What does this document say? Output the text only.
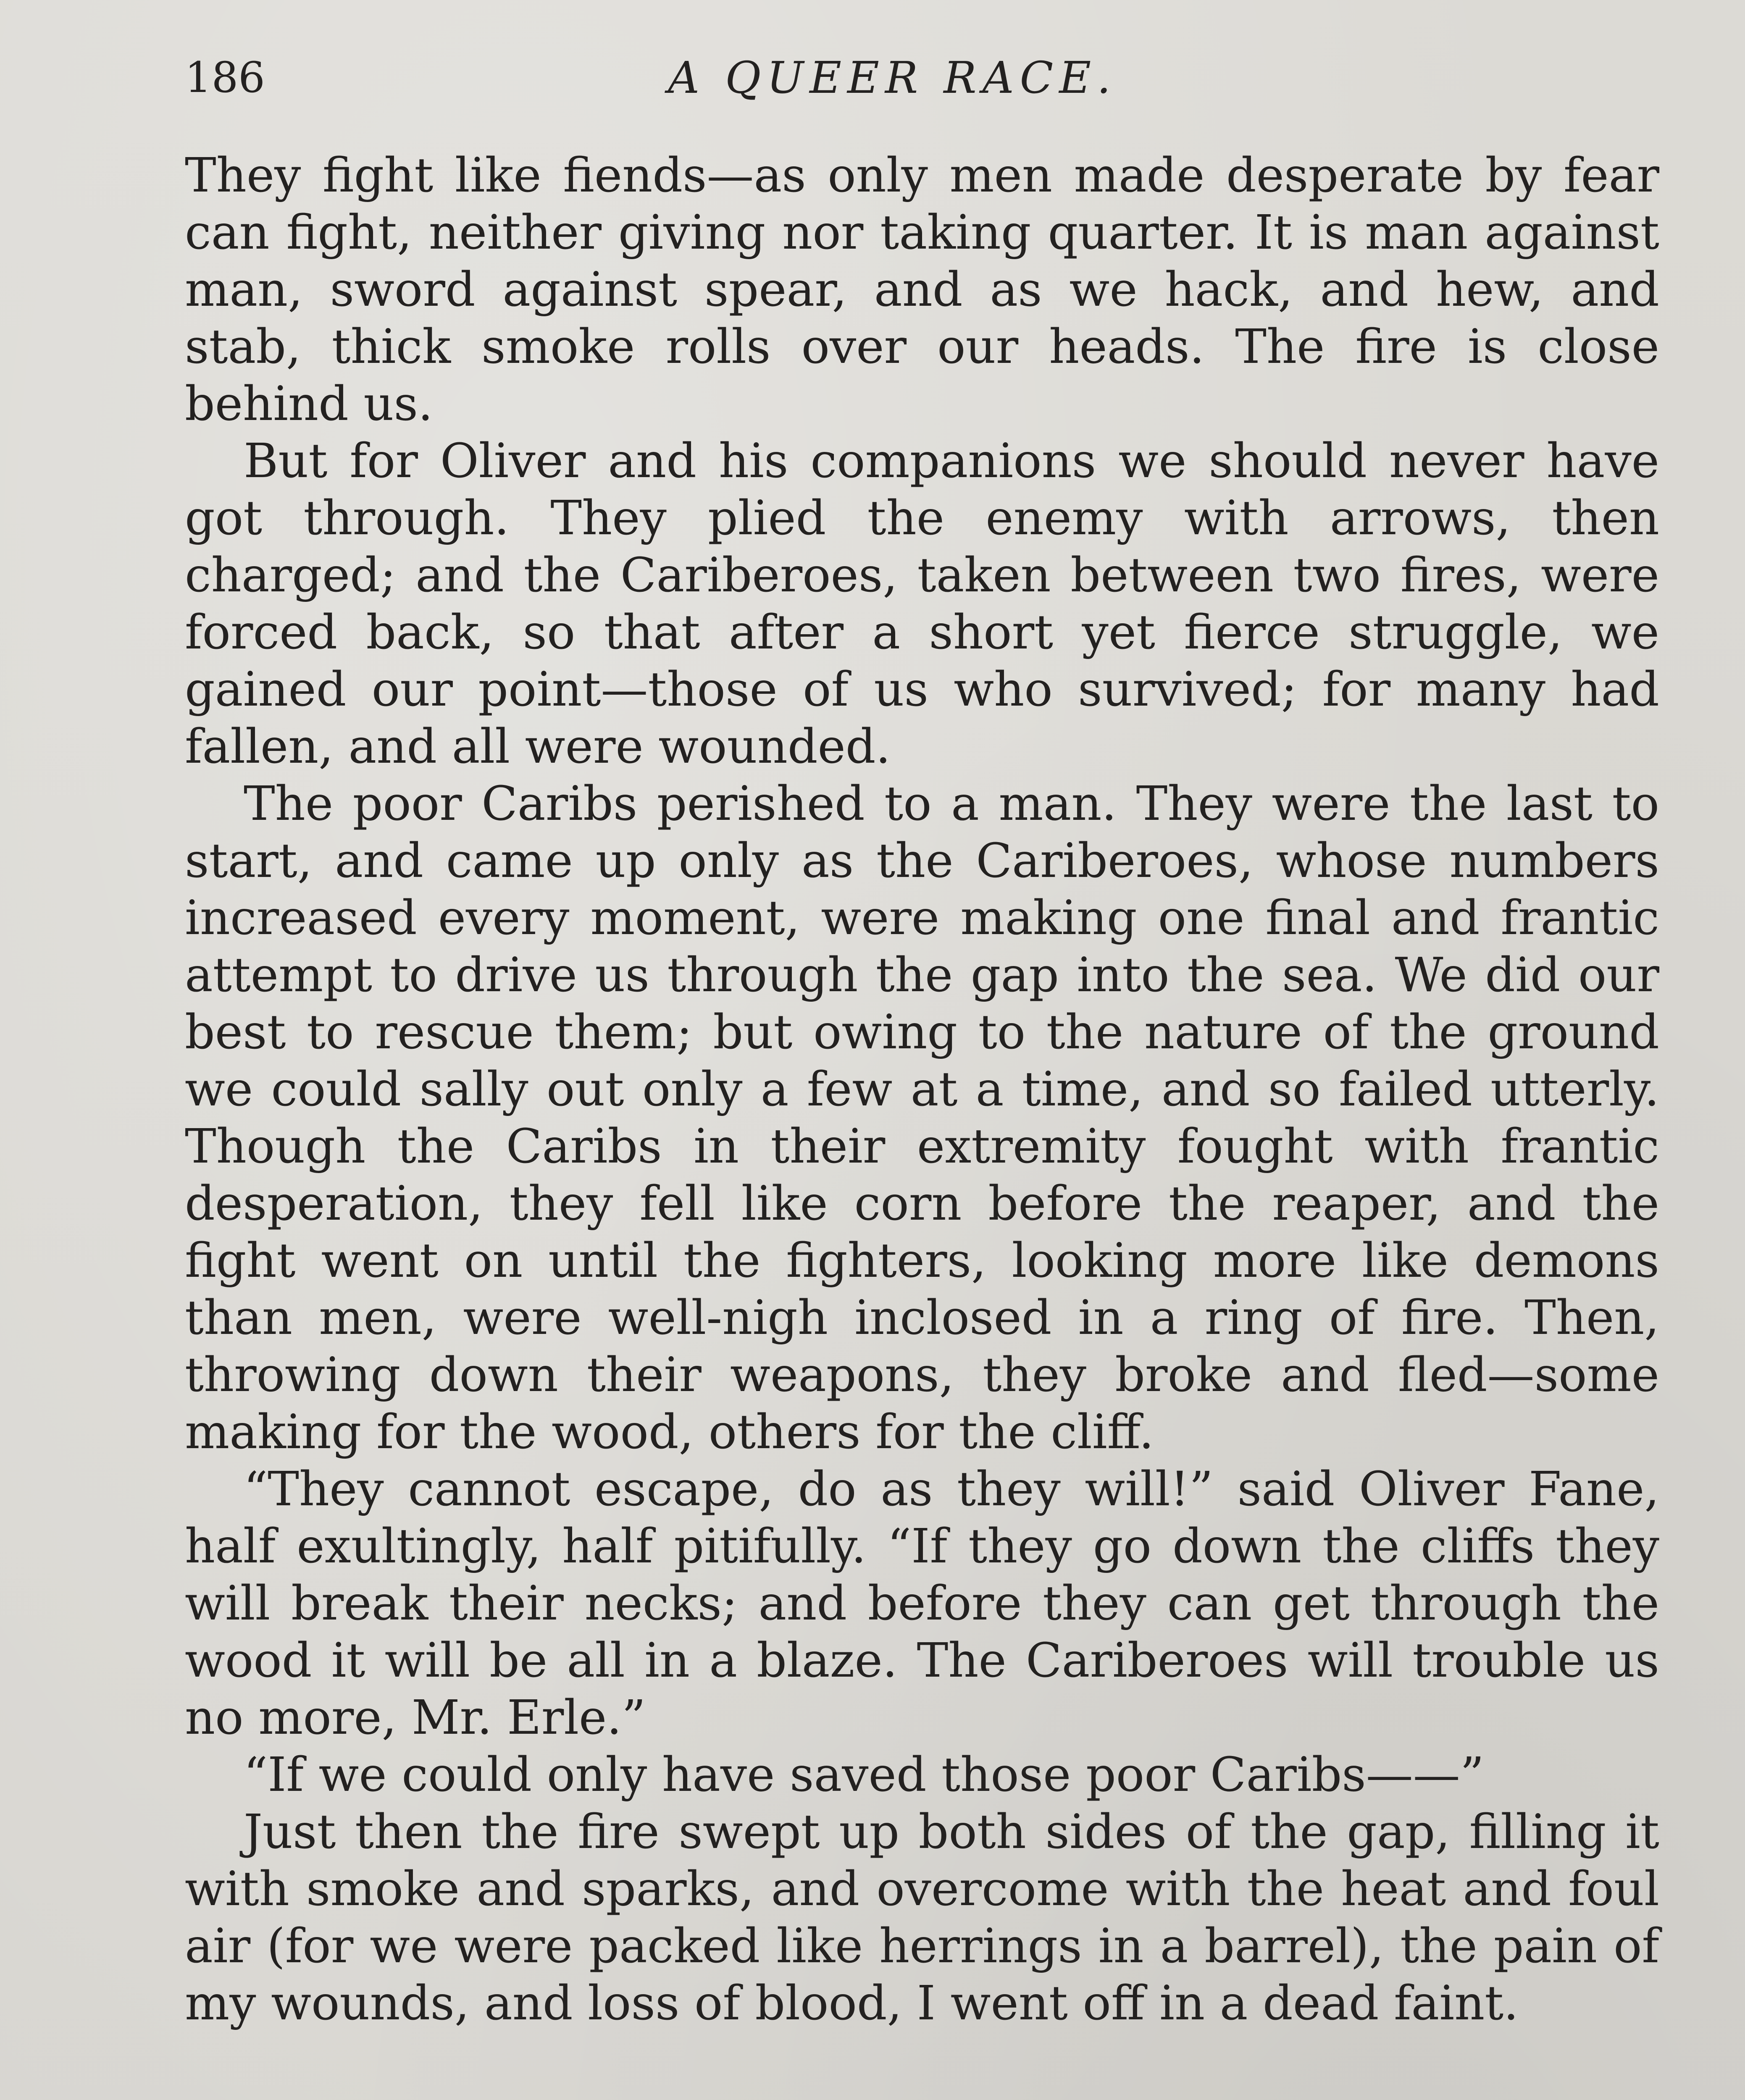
186	A QUEER RACE.

They fight like fiends—as only men made desperate by fear can fight, neither giving nor taking quarter. It is man against man, sword against spear, and as we hack, and hew, and stab, thick smoke rolls over our heads. The fire is close behind us.

But for Oliver and his companions we should never have got through. They plied the enemy with arrows, then charged; and the Cariberoes, taken between two fires, were forced back, so that after a short yet fierce struggle, we gained our point—those of us who survived; for many had fallen, and all were wounded.

The poor Caribs perished to a man. They were the last to start, and came up only as the Cariberoes, whose numbers increased every moment, were making one final and frantic attempt to drive us through the gap into the sea. We did our best to rescue them; but owing to the nature of the ground we could sally out only a few at a time, and so failed utterly. Though the Caribs in their extremity fought with frantic desperation, they fell like corn before the reaper, and the fight went on until the fighters, looking more like demons than men, were well-nigh inclosed in a ring of fire. Then, throwing down their weapons, they broke and fled—some making for the wood, others for the cliff.

“They cannot escape, do as they will!” said Oliver Fane, half exultingly, half pitifully. “If they go down the cliffs they will break their necks; and before they can get through the wood it will be all in a blaze. The Cariberoes will trouble us no more, Mr. Erle.”

“If we could only have saved those poor Caribs——”

Just then the fire swept up both sides of the gap, filling it with smoke and sparks, and overcome with the heat and foul air (for we were packed like herrings in a barrel), the pain of my wounds, and loss of blood, I went off in a dead faint.
